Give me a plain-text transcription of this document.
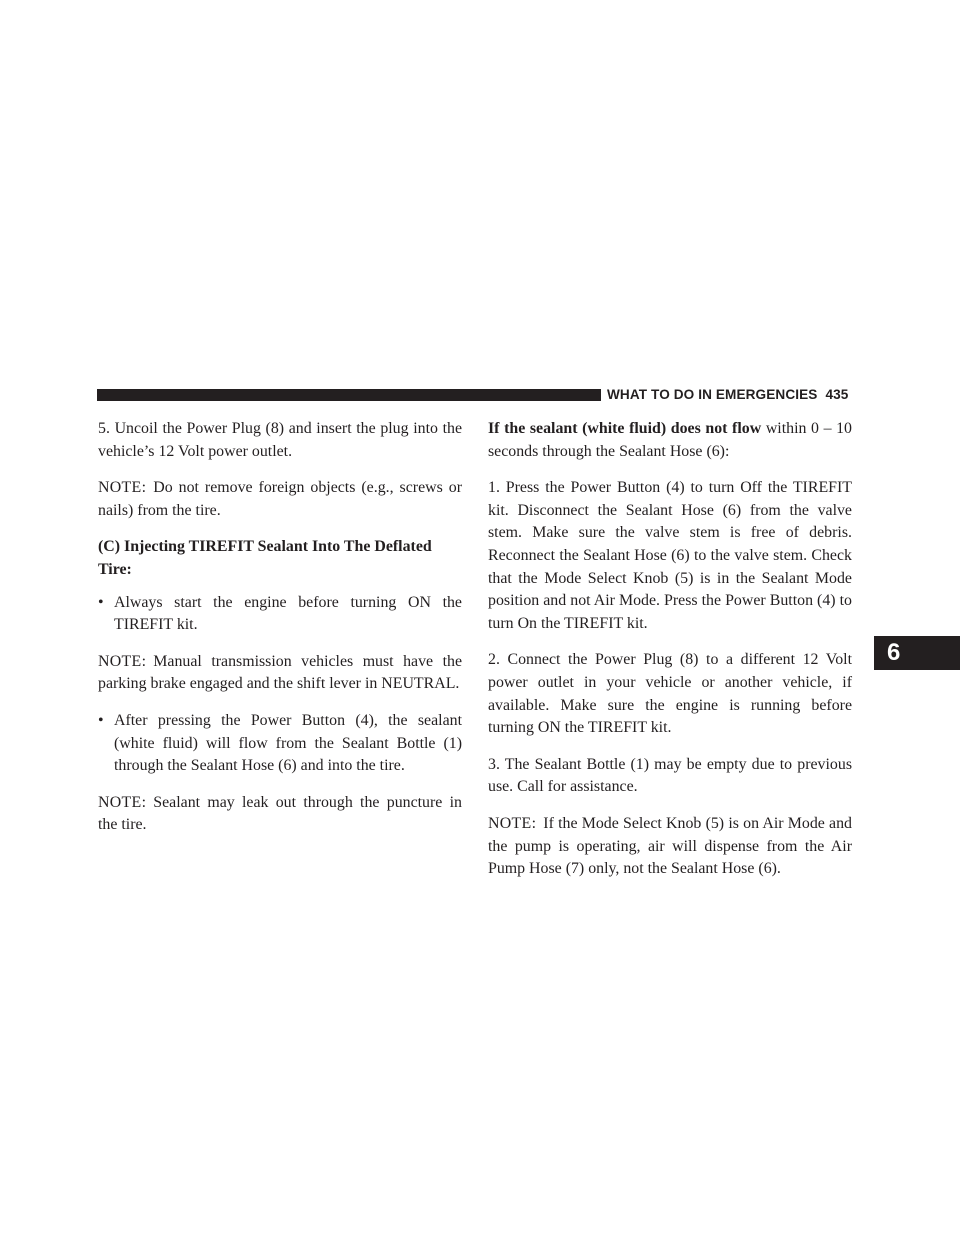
WHAT TO DO IN EMERGENCIES 435
6

5. Uncoil the Power Plug (8) and insert the plug into the vehicle’s 12 Volt power outlet.

NOTE: Do not remove foreign objects (e.g., screws or nails) from the tire.

(C) Injecting TIREFIT Sealant Into The Deflated Tire:

• Always start the engine before turning ON the TIREFIT kit.

NOTE: Manual transmission vehicles must have the parking brake engaged and the shift lever in NEUTRAL.

• After pressing the Power Button (4), the sealant (white fluid) will flow from the Sealant Bottle (1) through the Sealant Hose (6) and into the tire.

NOTE: Sealant may leak out through the puncture in the tire.

If the sealant (white fluid) does not flow within 0 – 10 seconds through the Sealant Hose (6):

1. Press the Power Button (4) to turn Off the TIREFIT kit. Disconnect the Sealant Hose (6) from the valve stem. Make sure the valve stem is free of debris. Reconnect the Sealant Hose (6) to the valve stem. Check that the Mode Select Knob (5) is in the Sealant Mode position and not Air Mode. Press the Power Button (4) to turn On the TIREFIT kit.

2. Connect the Power Plug (8) to a different 12 Volt power outlet in your vehicle or another vehicle, if available. Make sure the engine is running before turning ON the TIREFIT kit.

3. The Sealant Bottle (1) may be empty due to previous use. Call for assistance.

NOTE: If the Mode Select Knob (5) is on Air Mode and the pump is operating, air will dispense from the Air Pump Hose (7) only, not the Sealant Hose (6).
